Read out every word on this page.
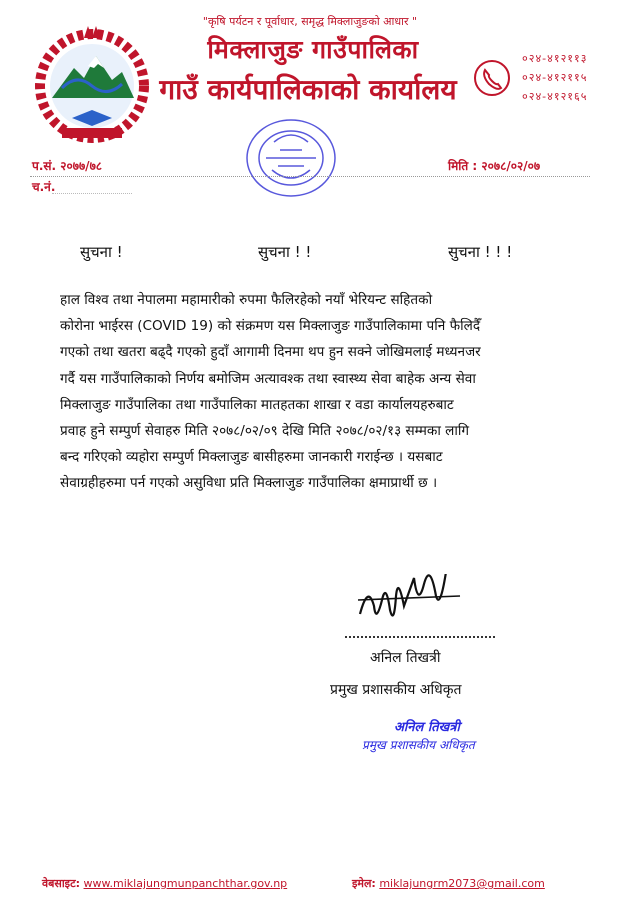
"कृषि पर्यटन र पूर्वाधार, समृद्ध मिक्लाजुङको आधार "
मिक्लाजुङ गाउँपालिका
गाउँ कार्यपालिकाको कार्यालय
०२४-४१२११३
०२४-४१२११५
०२४-४१२१६५
प.सं. २०७७/७८
च.नं.
मिति : २०७८/०२/०७
सुचना !	सुचना ! !	सुचना ! ! !
हाल विश्व तथा नेपालमा महामारीको रुपमा फैलिरहेको नयाँ भेरियन्ट सहितको
कोरोना भाईरस (COVID 19) को संक्रमण यस मिक्लाजुङ गाउँपालिकामा पनि फैलिदैँ
गएको तथा खतरा बढ्दै गएको हुदाँ आगामी दिनमा थप हुन सक्ने जोखिमलाई मध्यनजर
गर्दै यस गाउँपालिकाको निर्णय बमोजिम अत्यावश्क तथा स्वास्थ्य सेवा बाहेक अन्य सेवा
मिक्लाजुङ गाउँपालिका तथा गाउँपालिका मातहतका शाखा र वडा कार्यालयहरुबाट
प्रवाह हुने सम्पुर्ण सेवाहरु मिति २०७८/०२/०९ देखि मिति २०७८/०२/१३ सम्मका लागि
बन्द गरिएको व्यहोरा सम्पुर्ण मिक्लाजुङ बासीहरुमा जानकारी गराईन्छ । यसबाट
सेवाग्रहीहरुमा पर्न गएको असुविधा प्रति मिक्लाजुङ गाउँपालिका क्षमाप्रार्थी छ ।
अनिल तिखत्री
प्रमुख प्रशासकीय अधिकृत
अनिल तिखत्री
प्रमुख प्रशासकीय अधिकृत
वेबसाइट: www.miklajungmunpanchthar.gov.np	इमेल: miklajungrm2073@gmail.com
